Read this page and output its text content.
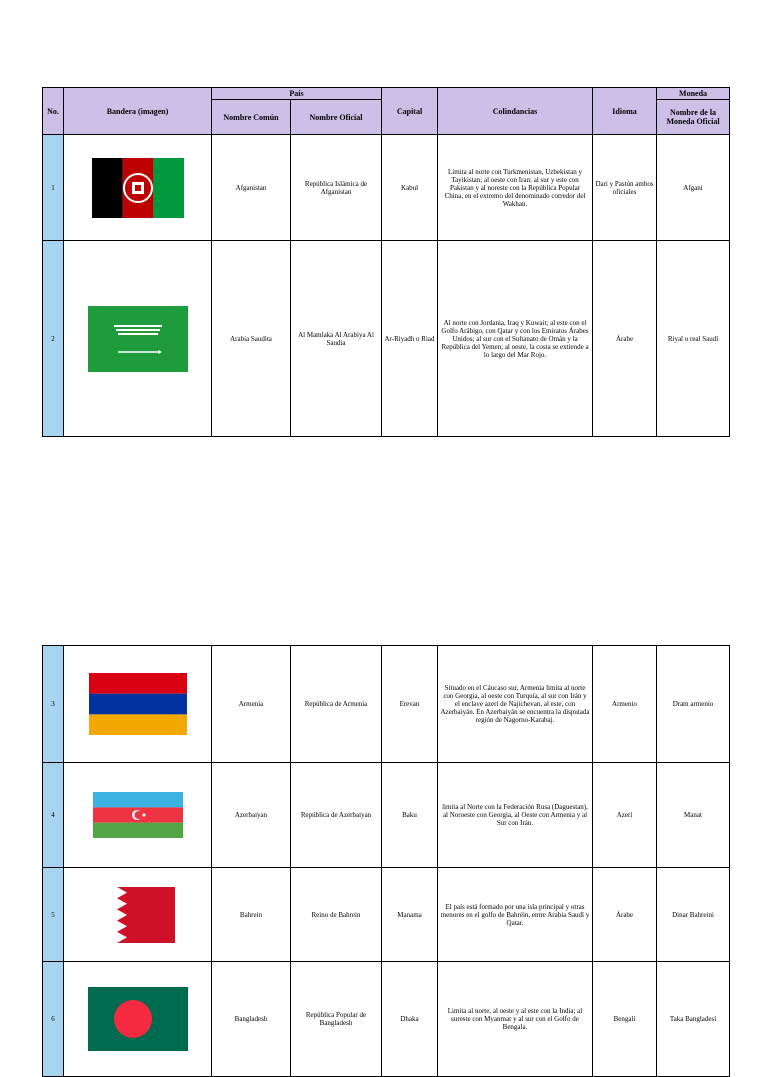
No.	Bandera (imagen)	País		Capital	Colindancias	Idioma	Moneda
		Nombre Común	Nombre Oficial				Nombre de la Moneda Oficial
1		Afganistan	República Islámica de Afganistan	Kabul	Limita al norte con Turkmenistan, Uzbekistan y Tayikistan; al oeste con Iran; al sur y este con Pakistan y al noreste con la República Popular China, en el extremo del denominado corredor del Wakhan.	Dari y Pastún ambos oficiales	Afgani
2		Arabia Saudita	Al Mamlaka Al Arabiya Al Saudia	Ar-Riyadh o Riad	Al norte con Jordania, Iraq y Kuwait; al este con el Golfo Arábigo, con Qatar y con los Emiratos Árabes Unidos; al sur con el Sultanato de Omán y la República del Yemen; al oeste, la costa se extiende a lo largo del Mar Rojo.	Árabe	Riyal o real Saudí
3		Armenia	República de Armenia	Erevan	Situado en el Cáucaso sur, Armenia limita al norte con Georgia, al oeste con Turquía, al sur con Irán y el enclave azerí de Najichevan, al este, con Azerbaiyán. En Azerbaiyán se encuentra la disputada región de Nagorno-Karabaj.	Armenio	Dram armenio
4		Azerbaiyan	República de Azerbaiyan	Baku	limita al Norte con la Federación Rusa (Daguestan), al Noroeste con Georgia, al Oeste con Armenia y al Sur con Irán.	Azerí	Manat
5		Bahrein	Reino de Bahrein	Manama	El país está formado por una isla principal y otras menores en el golfo de Bahréin, entre Arabia Saudí y Qatar.	Árabe	Dinar Bahreini
6		Bangladesh	República Popular de Bangladesh	Dhaka	Limita al norte, al oeste y al este con la India; al sureste con Myanmar y al sur con el Golfo de Bengala.	Bengalí	Taka Bangladesí
